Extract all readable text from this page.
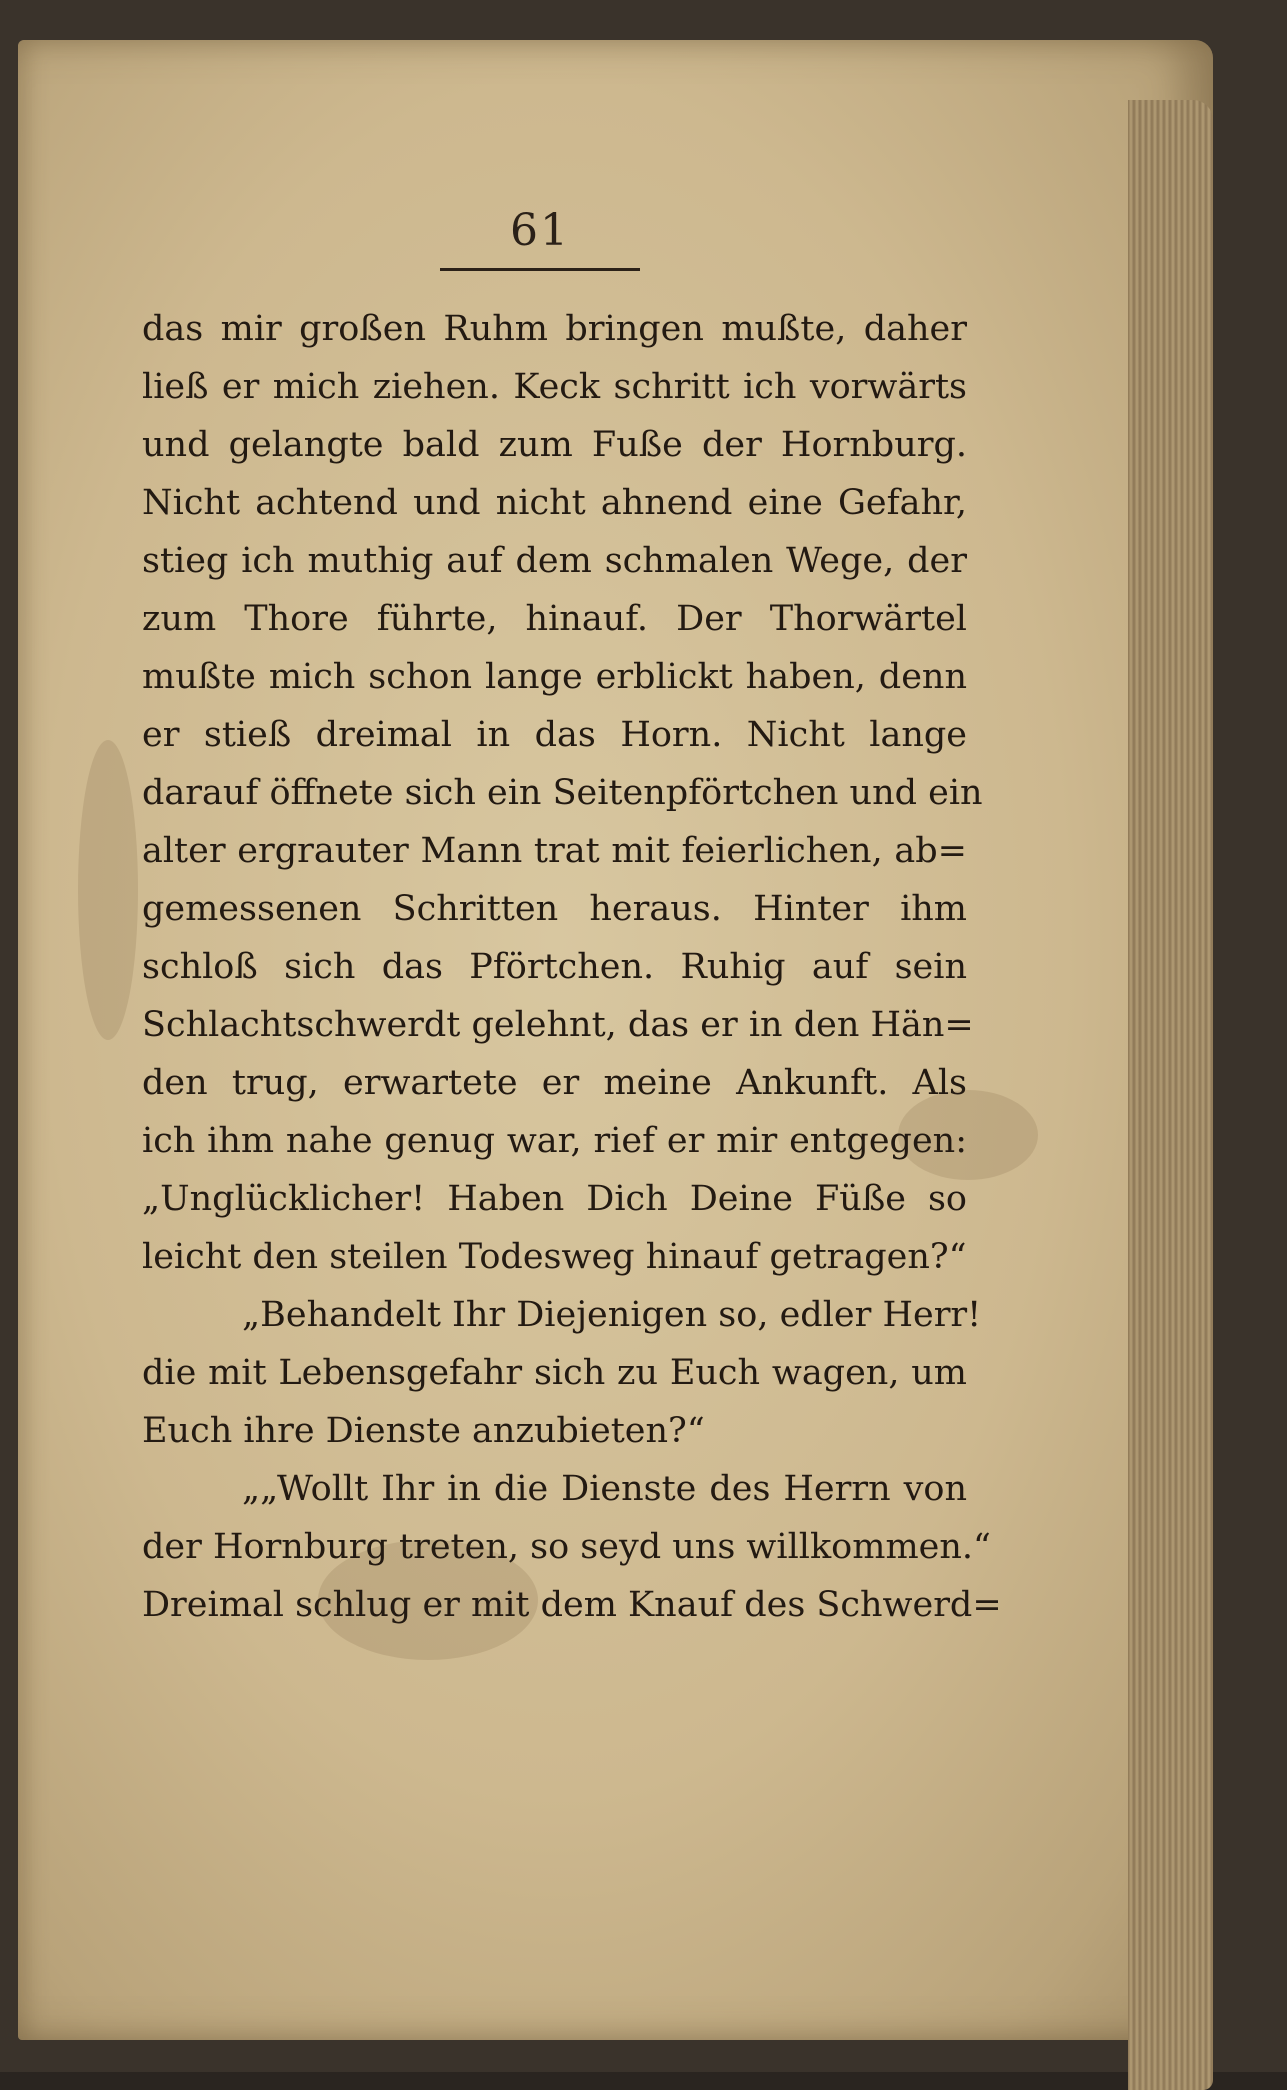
61
das mir großen Ruhm bringen mußte, daher
ließ er mich ziehen. Keck schritt ich vorwärts
und gelangte bald zum Fuße der Hornburg.
Nicht achtend und nicht ahnend eine Gefahr,
stieg ich muthig auf dem schmalen Wege, der
zum Thore führte, hinauf. Der Thorwärtel
mußte mich schon lange erblickt haben, denn
er stieß dreimal in das Horn. Nicht lange
darauf öffnete sich ein Seitenpförtchen und ein
alter ergrauter Mann trat mit feierlichen, ab=
gemessenen Schritten heraus. Hinter ihm
schloß sich das Pförtchen. Ruhig auf sein
Schlachtschwerdt gelehnt, das er in den Hän=
den trug, erwartete er meine Ankunft. Als
ich ihm nahe genug war, rief er mir entgegen:
„Unglücklicher! Haben Dich Deine Füße so
leicht den steilen Todesweg hinauf getragen?“
„Behandelt Ihr Diejenigen so, edler Herr!
die mit Lebensgefahr sich zu Euch wagen, um
Euch ihre Dienste anzubieten?“
„„Wollt Ihr in die Dienste des Herrn von
der Hornburg treten, so seyd uns willkommen.“
Dreimal schlug er mit dem Knauf des Schwerd=
